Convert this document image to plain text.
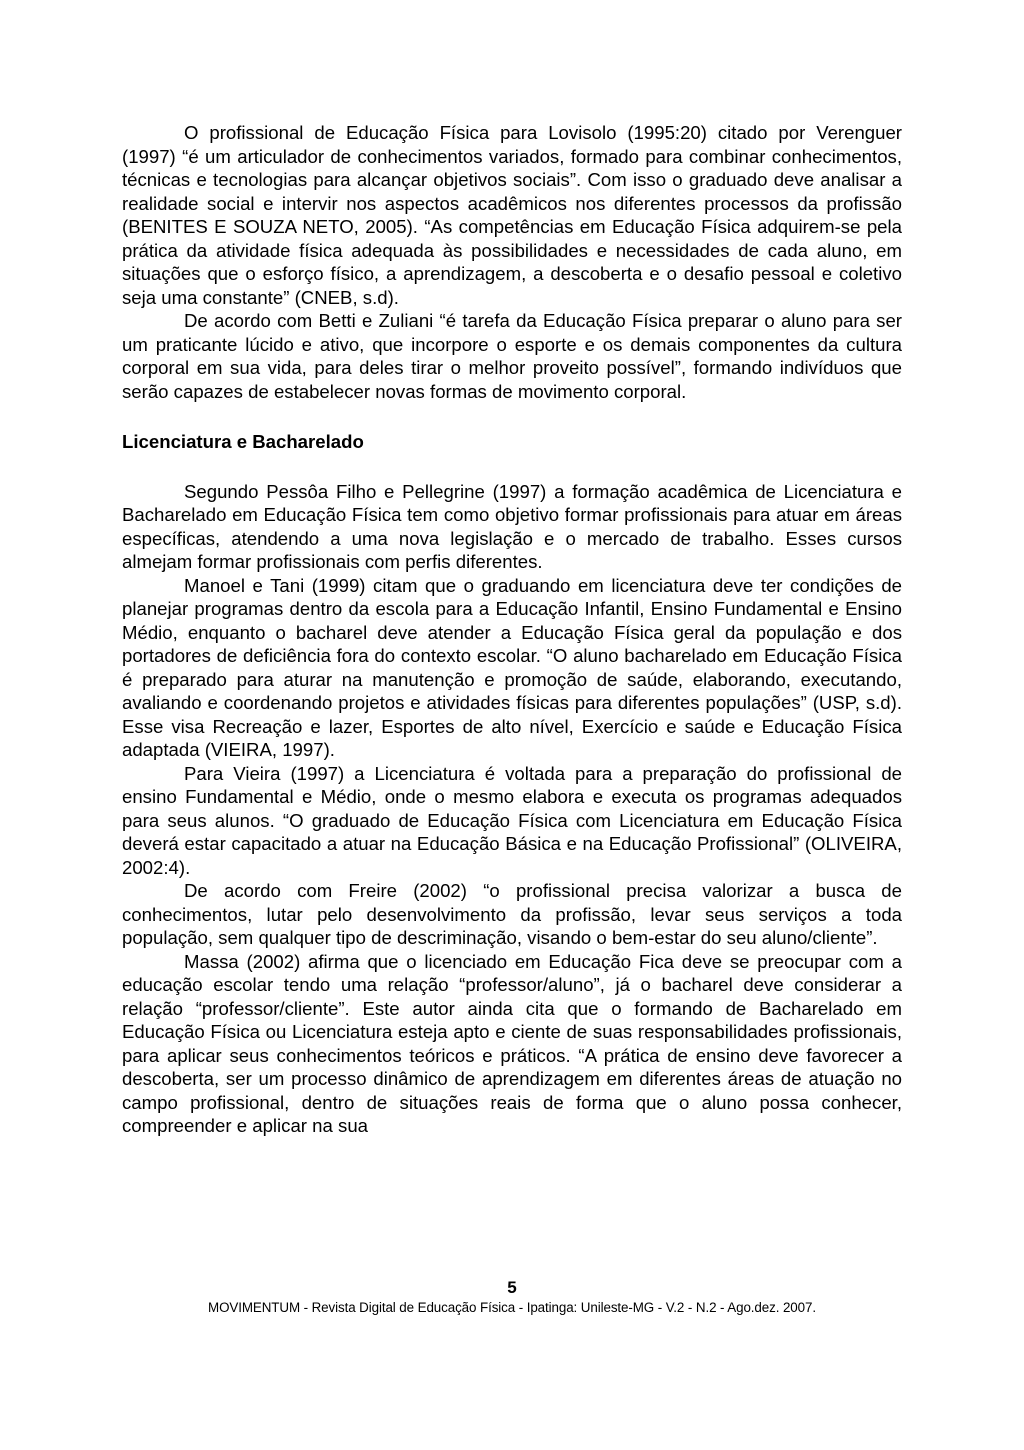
O profissional de Educação Física para Lovisolo (1995:20) citado por Verenguer (1997) “é um articulador de conhecimentos variados, formado para combinar conhecimentos, técnicas e tecnologias para alcançar objetivos sociais”. Com isso o graduado deve analisar a realidade social e intervir nos aspectos acadêmicos nos diferentes processos da profissão (BENITES E SOUZA NETO, 2005). “As competências em Educação Física adquirem-se pela prática da atividade física adequada às possibilidades e necessidades de cada aluno, em situações que o esforço físico, a aprendizagem, a descoberta e o desafio pessoal e coletivo seja uma constante” (CNEB, s.d).

De acordo com Betti e Zuliani “é tarefa da Educação Física preparar o aluno para ser um praticante lúcido e ativo, que incorpore o esporte e os demais componentes da cultura corporal em sua vida, para deles tirar o melhor proveito possível”, formando indivíduos que serão capazes de estabelecer novas formas de movimento corporal.

Licenciatura e Bacharelado

Segundo Pessôa Filho e Pellegrine (1997) a formação acadêmica de Licenciatura e Bacharelado em Educação Física tem como objetivo formar profissionais para atuar em áreas específicas, atendendo a uma nova legislação e o mercado de trabalho. Esses cursos almejam formar profissionais com perfis diferentes.

Manoel e Tani (1999) citam que o graduando em licenciatura deve ter condições de planejar programas dentro da escola para a Educação Infantil, Ensino Fundamental e Ensino Médio, enquanto o bacharel deve atender a Educação Física geral da população e dos portadores de deficiência fora do contexto escolar. “O aluno bacharelado em Educação Física é preparado para aturar na manutenção e promoção de saúde, elaborando, executando, avaliando e coordenando projetos e atividades físicas para diferentes populações” (USP, s.d). Esse visa Recreação e lazer, Esportes de alto nível, Exercício e saúde e Educação Física adaptada (VIEIRA, 1997).

Para Vieira (1997) a Licenciatura é voltada para a preparação do profissional de ensino Fundamental e Médio, onde o mesmo elabora e executa os programas adequados para seus alunos. “O graduado de Educação Física com Licenciatura em Educação Física deverá estar capacitado a atuar na Educação Básica e na Educação Profissional” (OLIVEIRA, 2002:4).

De acordo com Freire (2002) “o profissional precisa valorizar a busca de conhecimentos, lutar pelo desenvolvimento da profissão, levar seus serviços a toda população, sem qualquer tipo de descriminação, visando o bem-estar do seu aluno/cliente”.

Massa (2002) afirma que o licenciado em Educação Fica deve se preocupar com a educação escolar tendo uma relação “professor/aluno”, já o bacharel deve considerar a relação “professor/cliente”. Este autor ainda cita que o formando de Bacharelado em Educação Física ou Licenciatura esteja apto e ciente de suas responsabilidades profissionais, para aplicar seus conhecimentos teóricos e práticos. “A prática de ensino deve favorecer a descoberta, ser um processo dinâmico de aprendizagem em diferentes áreas de atuação no campo profissional, dentro de situações reais de forma que o aluno possa conhecer, compreender e aplicar na sua

5
MOVIMENTUM - Revista Digital de Educação Física - Ipatinga: Unileste-MG - V.2 - N.2 - Ago.dez. 2007.
